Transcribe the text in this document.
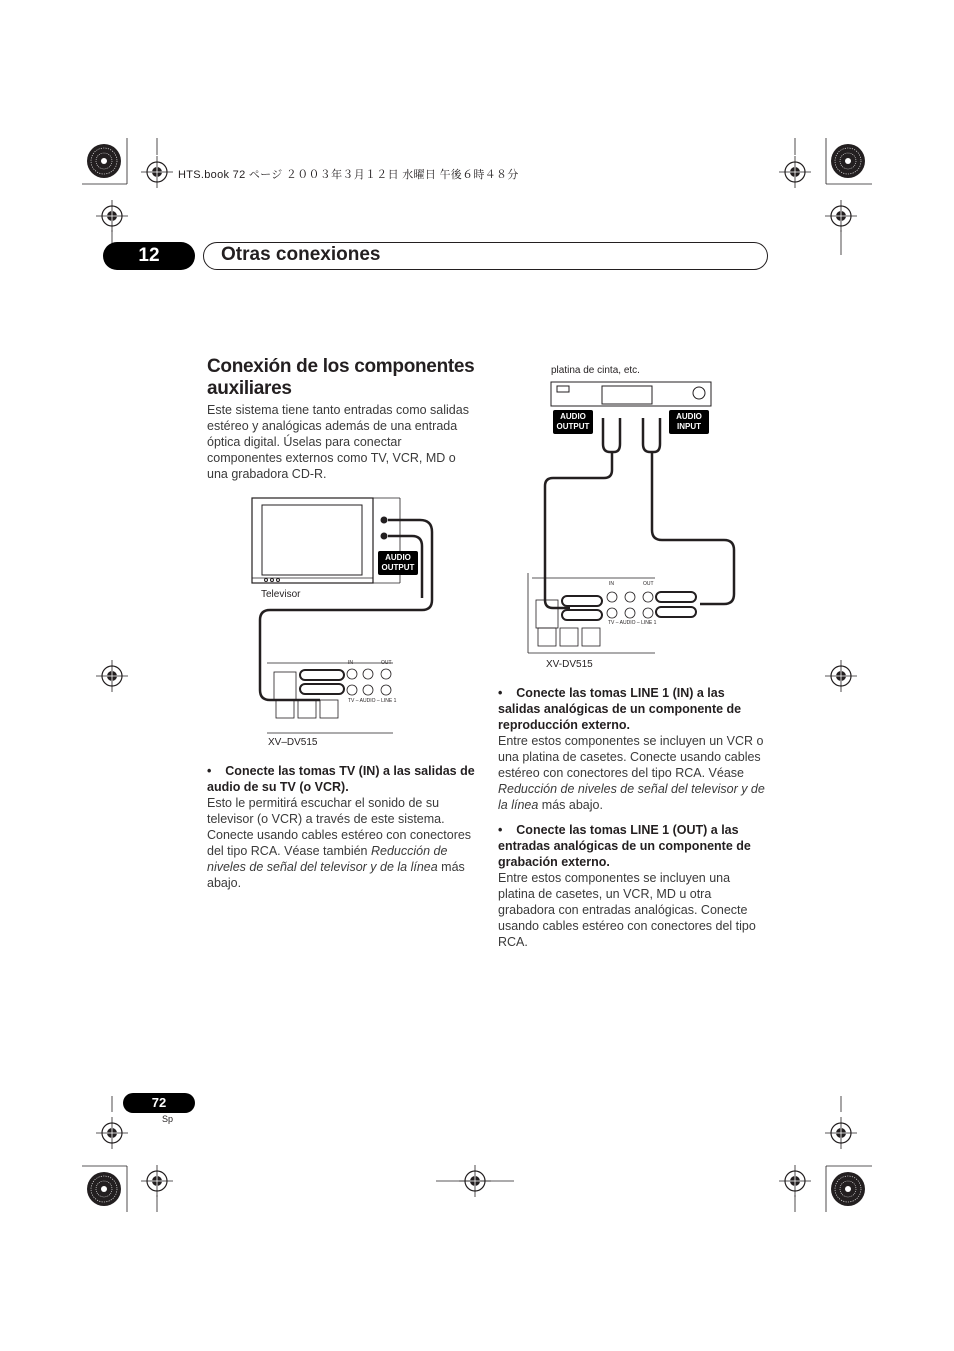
HTS.book 72 ページ ２００３年３月１２日 水曜日 午後６時４８分
12	Otras conexiones
Conexión de los componentes auxiliares
Este sistema tiene tanto entradas como salidas estéreo y analógicas además de una entrada óptica digital. Úselas para conectar componentes externos como TV, VCR, MD o una grabadora CD-R.
Televisor
AUDIO OUTPUT
XV–DV515
IN	OUT
TV – AUDIO – LINE 1
platina de cinta, etc.
AUDIO OUTPUT
AUDIO INPUT
XV-DV515
IN	OUT
TV – AUDIO – LINE 1
•    Conecte las tomas TV (IN) a las salidas de audio de su TV (o VCR).
Esto le permitirá escuchar el sonido de su televisor (o VCR) a través de este sistema. Conecte usando cables estéreo con conectores del tipo RCA. Véase también Reducción de niveles de señal del televisor y de la línea más abajo.
•    Conecte las tomas LINE 1 (IN) a las salidas analógicas de un componente de reproducción externo.
Entre estos componentes se incluyen un VCR o una platina de casetes. Conecte usando cables estéreo con conectores del tipo RCA. Véase Reducción de niveles de señal del televisor y de la línea más abajo.
•    Conecte las tomas LINE 1 (OUT) a las entradas analógicas de un componente de grabación externo.
Entre estos componentes se incluyen una platina de casetes, un VCR, MD u otra grabadora con entradas analógicas. Conecte usando cables estéreo con conectores del tipo RCA.
72
Sp
